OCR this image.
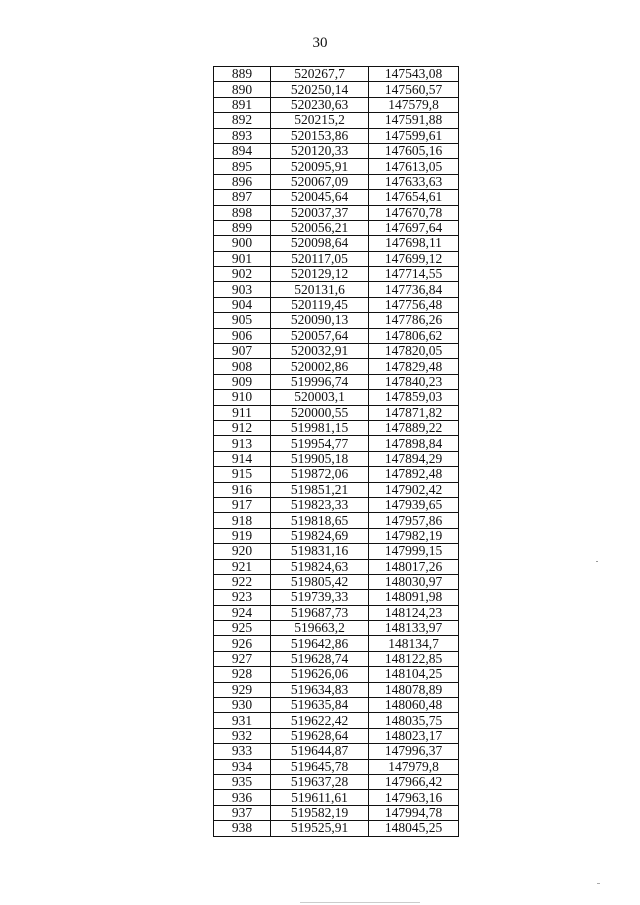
30
889	520267,7	147543,08
890	520250,14	147560,57
891	520230,63	147579,8
892	520215,2	147591,88
893	520153,86	147599,61
894	520120,33	147605,16
895	520095,91	147613,05
896	520067,09	147633,63
897	520045,64	147654,61
898	520037,37	147670,78
899	520056,21	147697,64
900	520098,64	147698,11
901	520117,05	147699,12
902	520129,12	147714,55
903	520131,6	147736,84
904	520119,45	147756,48
905	520090,13	147786,26
906	520057,64	147806,62
907	520032,91	147820,05
908	520002,86	147829,48
909	519996,74	147840,23
910	520003,1	147859,03
911	520000,55	147871,82
912	519981,15	147889,22
913	519954,77	147898,84
914	519905,18	147894,29
915	519872,06	147892,48
916	519851,21	147902,42
917	519823,33	147939,65
918	519818,65	147957,86
919	519824,69	147982,19
920	519831,16	147999,15
921	519824,63	148017,26
922	519805,42	148030,97
923	519739,33	148091,98
924	519687,73	148124,23
925	519663,2	148133,97
926	519642,86	148134,7
927	519628,74	148122,85
928	519626,06	148104,25
929	519634,83	148078,89
930	519635,84	148060,48
931	519622,42	148035,75
932	519628,64	148023,17
933	519644,87	147996,37
934	519645,78	147979,8
935	519637,28	147966,42
936	519611,61	147963,16
937	519582,19	147994,78
938	519525,91	148045,25
